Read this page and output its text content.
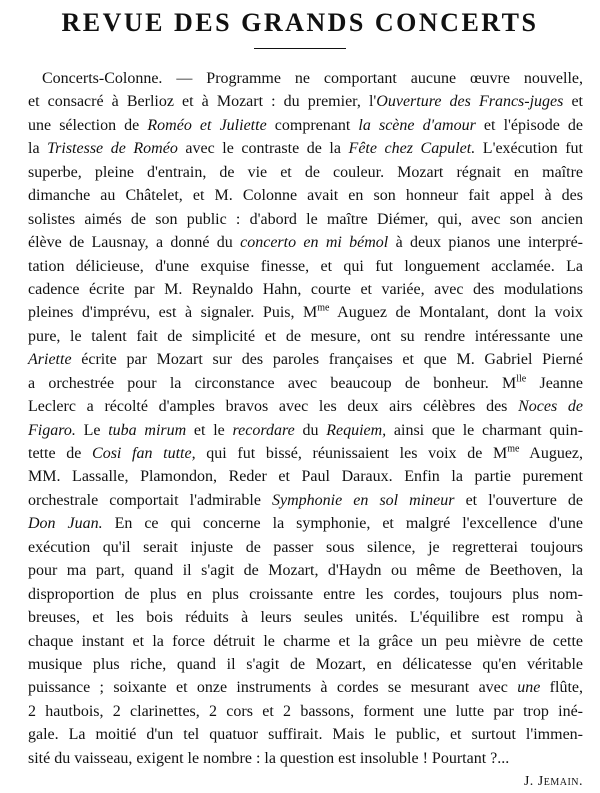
REVUE DES GRANDS CONCERTS
Concerts-Colonne. — Programme ne comportant aucune œuvre nouvelle,
et consacré à Berlioz et à Mozart : du premier, l'Ouverture des Francs-juges et
une sélection de Roméo et Juliette comprenant la scène d'amour et l'épisode de
la Tristesse de Roméo avec le contraste de la Fête chez Capulet. L'exécution fut
superbe, pleine d'entrain, de vie et de couleur. Mozart régnait en maître
dimanche au Châtelet, et M. Colonne avait en son honneur fait appel à des
solistes aimés de son public : d'abord le maître Diémer, qui, avec son ancien
élève de Lausnay, a donné du concerto en mi bémol à deux pianos une interpré-
tation délicieuse, d'une exquise finesse, et qui fut longuement acclamée. La
cadence écrite par M. Reynaldo Hahn, courte et variée, avec des modulations
pleines d'imprévu, est à signaler. Puis, $M^{me}$ Auguez de Montalant, dont la voix
pure, le talent fait de simplicité et de mesure, ont su rendre intéressante une
Ariette écrite par Mozart sur des paroles françaises et que M. Gabriel Pierné
a orchestrée pour la circonstance avec beaucoup de bonheur. $M^{lle}$ Jeanne
Leclerc a récolté d'amples bravos avec les deux airs célèbres des Noces de
Figaro. Le tuba mirum et le recordare du Requiem, ainsi que le charmant quin-
tette de Cosi fan tutte, qui fut bissé, réunissaient les voix de $M^{me}$ Auguez,
MM. Lassalle, Plamondon, Reder et Paul Daraux. Enfin la partie purement
orchestrale comportait l'admirable Symphonie en sol mineur et l'ouverture de
Don Juan. En ce qui concerne la symphonie, et malgré l'excellence d'une
exécution qu'il serait injuste de passer sous silence, je regretterai toujours
pour ma part, quand il s'agit de Mozart, d'Haydn ou même de Beethoven, la
disproportion de plus en plus croissante entre les cordes, toujours plus nom-
breuses, et les bois réduits à leurs seules unités. L'équilibre est rompu à
chaque instant et la force détruit le charme et la grâce un peu mièvre de cette
musique plus riche, quand il s'agit de Mozart, en délicatesse qu'en véritable
puissance ; soixante et onze instruments à cordes se mesurant avec une flûte,
2 hautbois, 2 clarinettes, 2 cors et 2 bassons, forment une lutte par trop iné-
gale. La moitié d'un tel quatuor suffirait. Mais le public, et surtout l'immen-
sité du vaisseau, exigent le nombre : la question est insoluble ! Pourtant ?...
J. Jemain.
